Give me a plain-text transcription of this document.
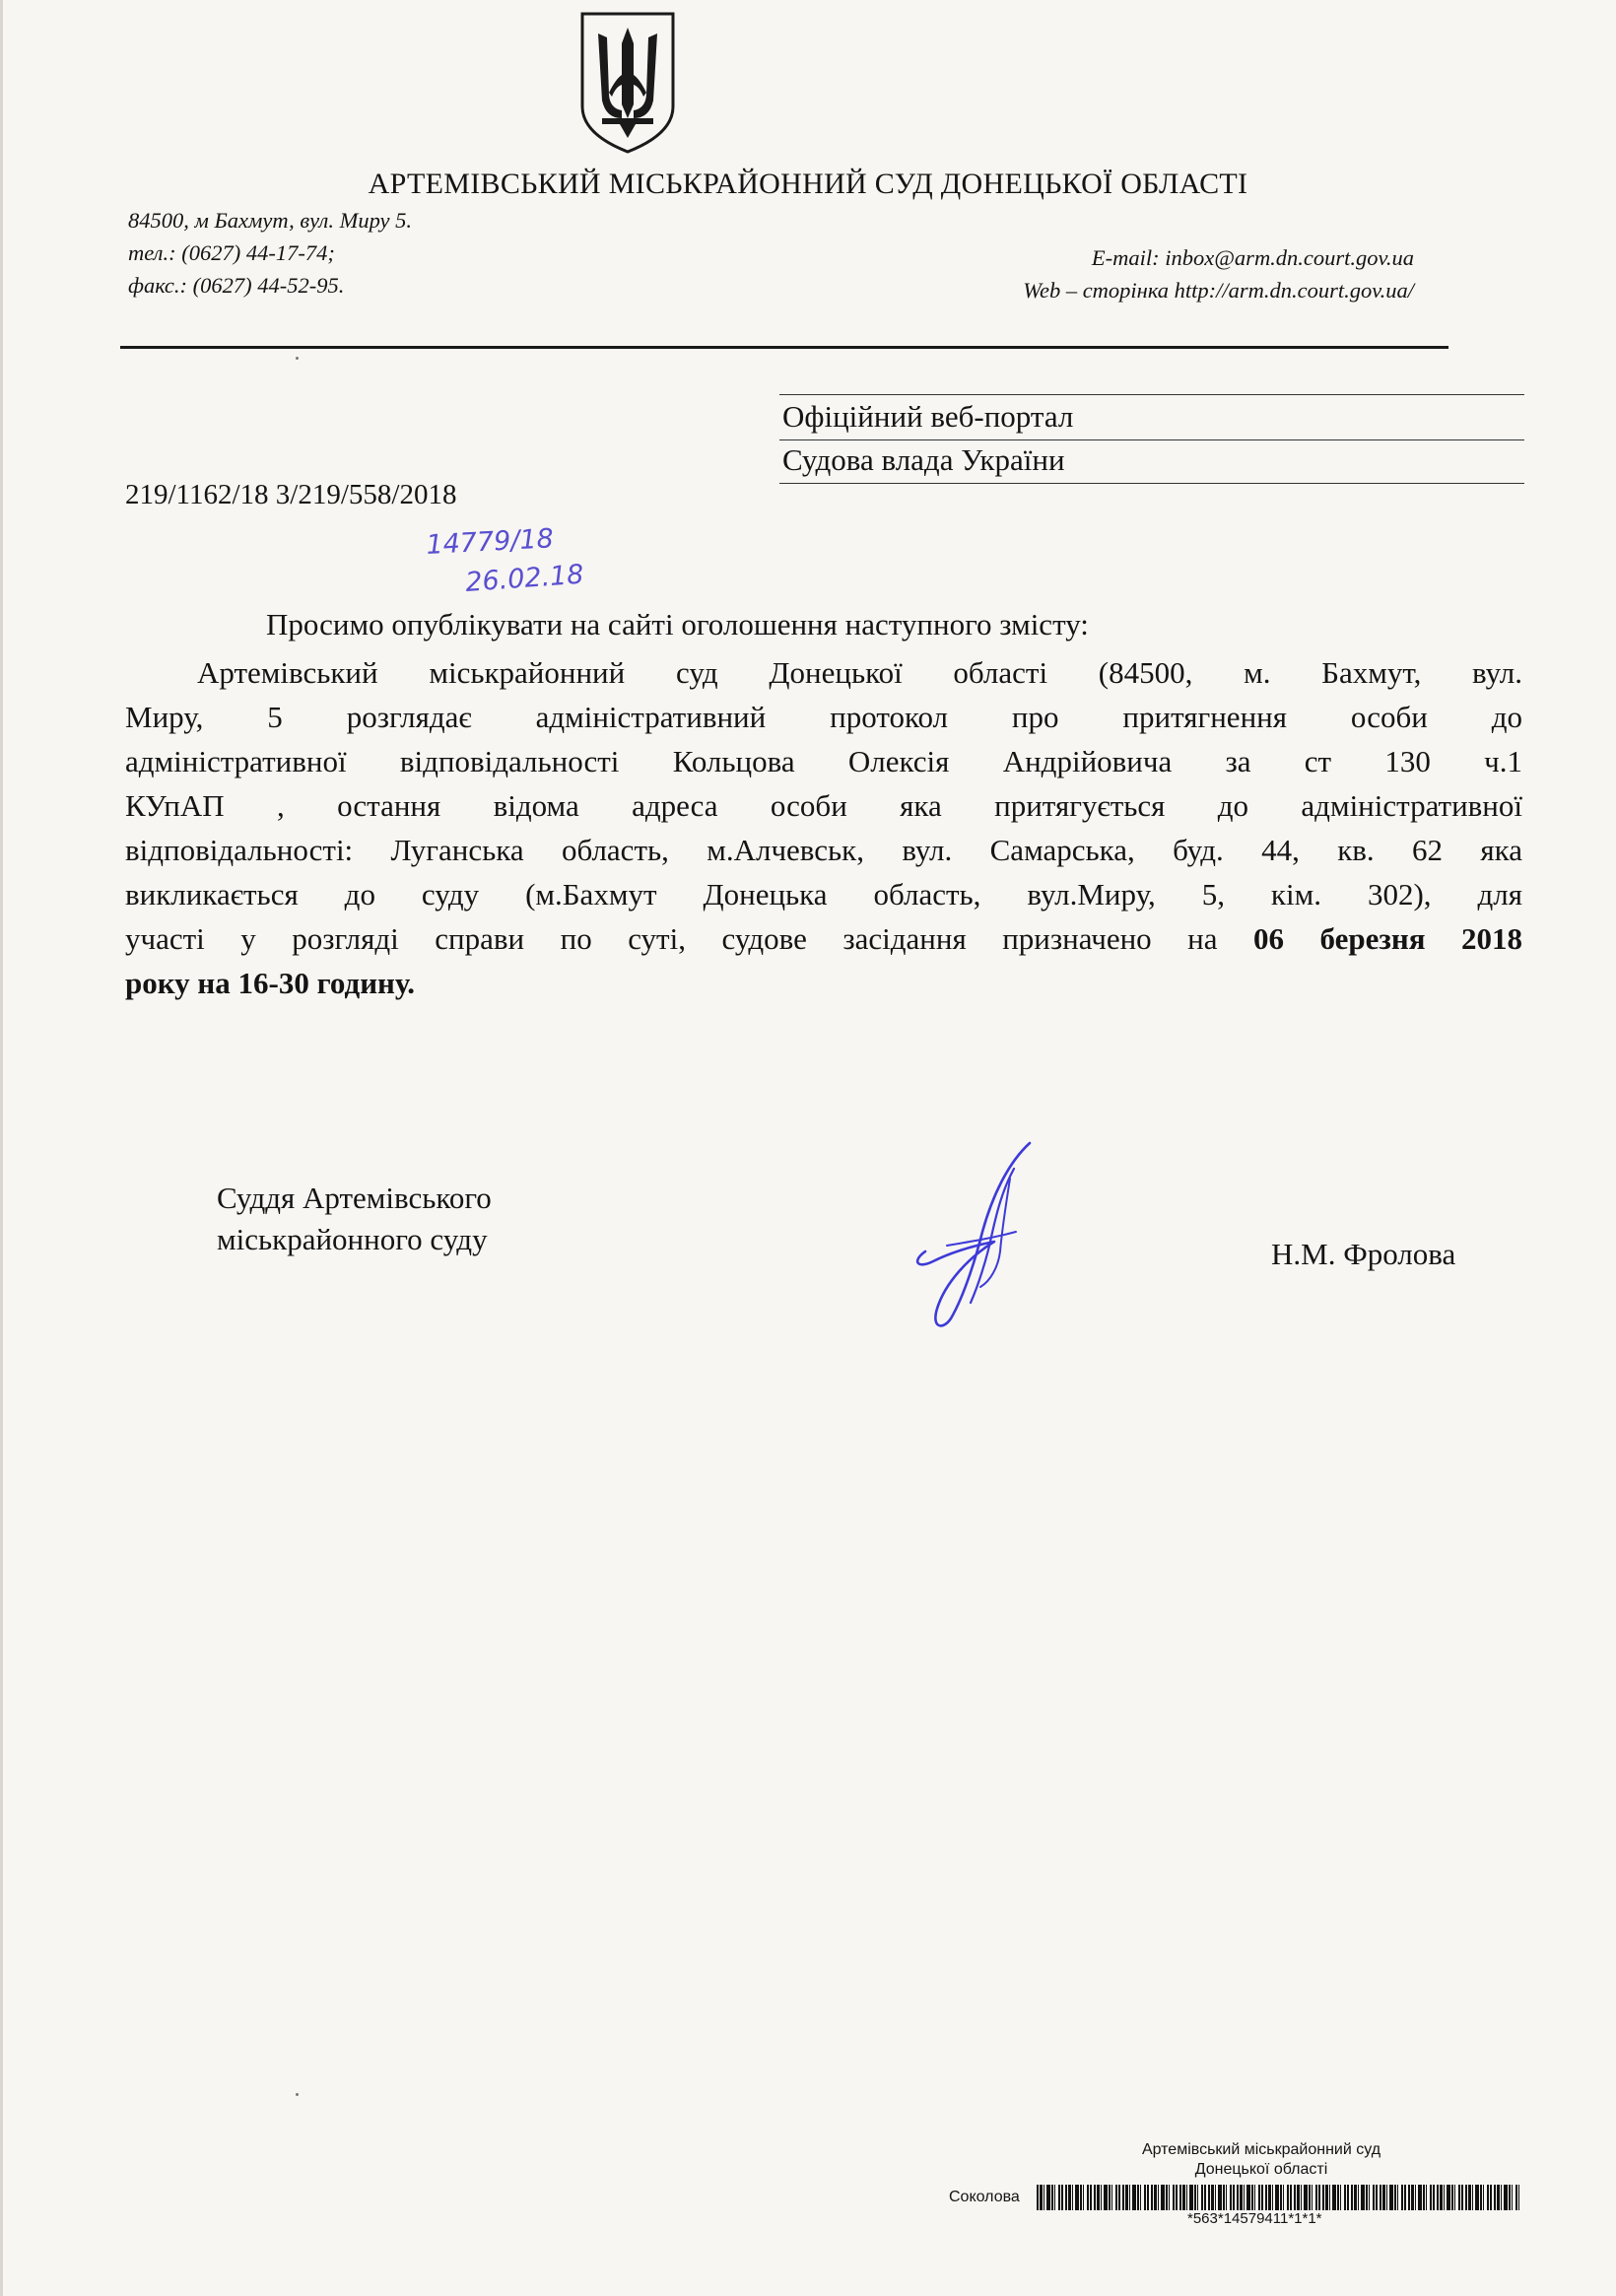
АРТЕМІВСЬКИЙ МІСЬКРАЙОННИЙ СУД ДОНЕЦЬКОЇ ОБЛАСТІ
84500, м Бахмут, вул. Миру 5.
тел.: (0627) 44-17-74;
факс.: (0627) 44-52-95.
E-mail: inbox@arm.dn.court.gov.ua
Web – сторінка http://arm.dn.court.gov.ua/
Офіційний веб-портал
Судова влада України
219/1162/18 3/219/558/2018
14779/18
26.02.18
Просимо опублікувати на сайті оголошення наступного змісту:
Артемівський міськрайонний суд Донецької області (84500, м. Бахмут, вул.
Миру, 5 розглядає адміністративний протокол про притягнення особи до
адміністративної відповідальності Кольцова Олексія Андрійовича за ст 130 ч.1
КУпАП , остання відома адреса особи яка притягується до адміністративної
відповідальності: Луганська область, м.Алчевськ, вул. Самарська, буд. 44, кв. 62 яка
викликається до суду (м.Бахмут Донецька область, вул.Миру, 5, кім. 302), для
участі у розгляді справи по суті, судове засідання призначено на 06 березня 2018
року на 16-30 годину.
Суддя Артемівського
міськрайонного суду	Н.М. Фролова
Артемівський міськрайонний суд
Донецької області
Соколова
*563*14579411*1*1*
